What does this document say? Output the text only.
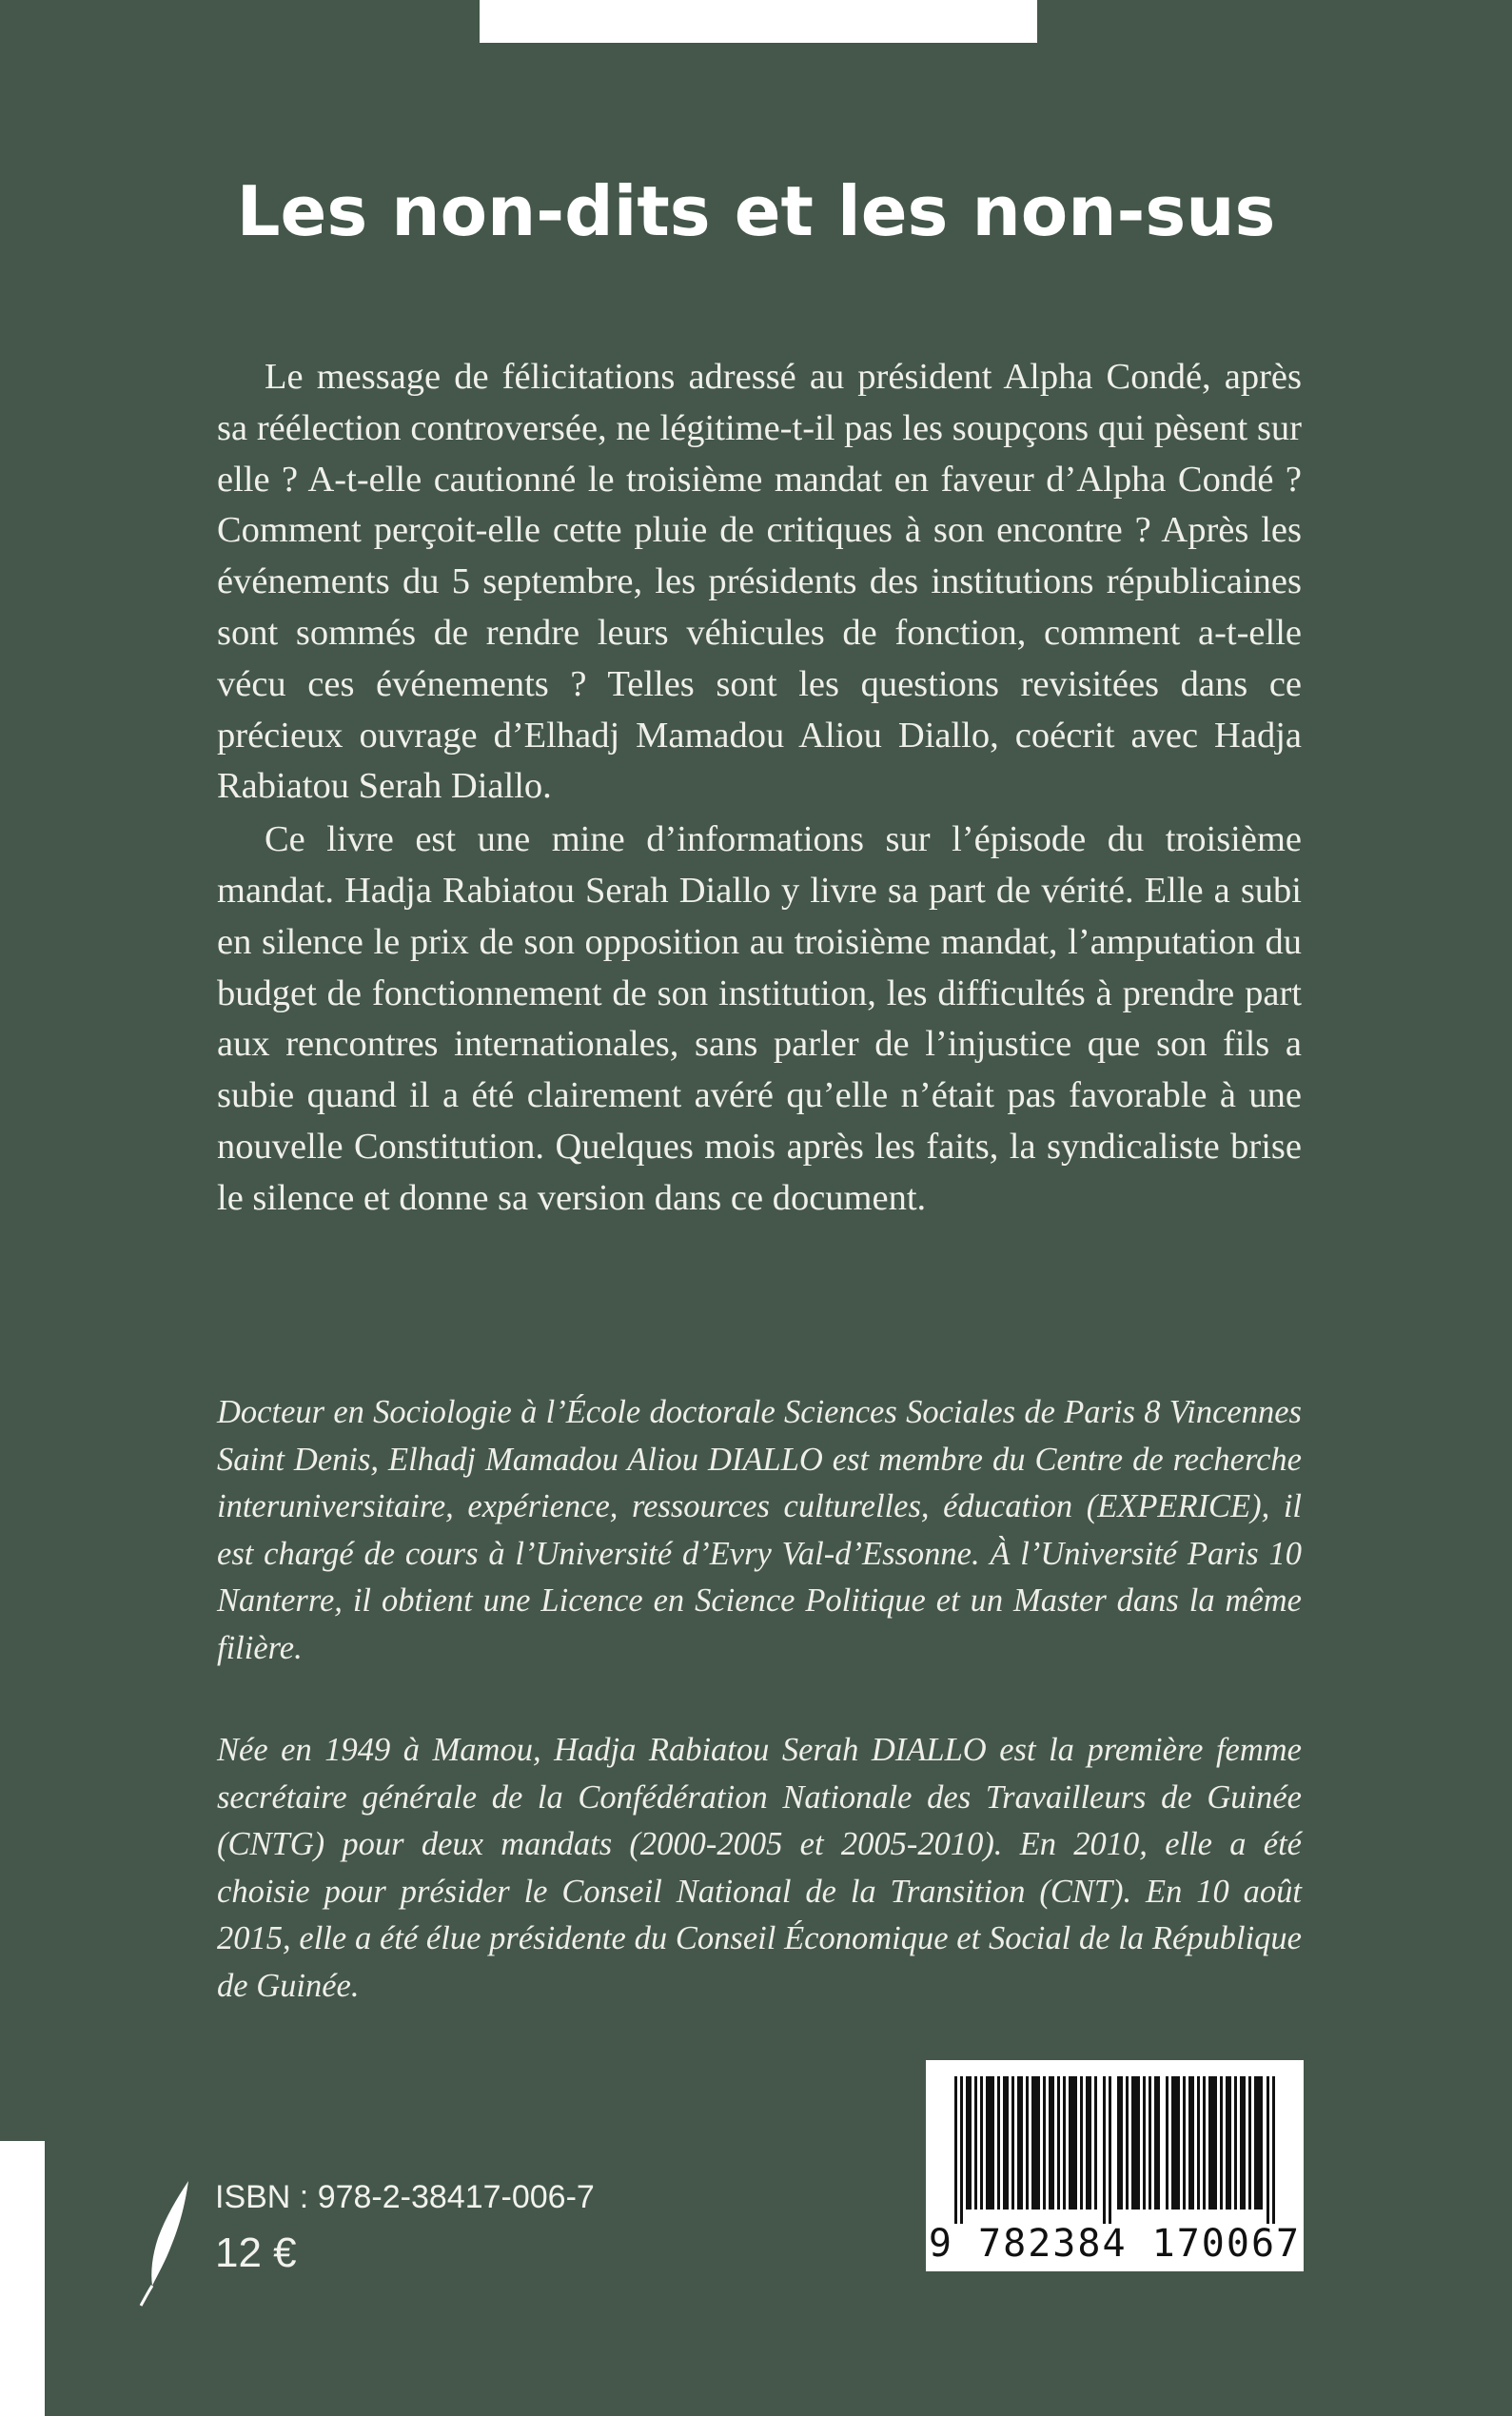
Les non-dits et les non-sus

Le message de félicitations adressé au président Alpha Condé, après sa réélection controversée, ne légitime-t-il pas les soupçons qui pèsent sur elle ? A-t-elle cautionné le troisième mandat en faveur d’Alpha Condé ? Comment perçoit-elle cette pluie de critiques à son encontre ? Après les événements du 5 septembre, les présidents des institutions républicaines sont sommés de rendre leurs véhicules de fonction, comment a-t-elle vécu ces événements ? Telles sont les questions revisitées dans ce précieux ouvrage d’Elhadj Mamadou Aliou Diallo, coécrit avec Hadja Rabiatou Serah Diallo.

Ce livre est une mine d’informations sur l’épisode du troisième mandat. Hadja Rabiatou Serah Diallo y livre sa part de vérité. Elle a subi en silence le prix de son opposition au troisième mandat, l’amputation du budget de fonctionnement de son institution, les difficultés à prendre part aux rencontres internationales, sans parler de l’injustice que son fils a subie quand il a été clairement avéré qu’elle n’était pas favorable à une nouvelle Constitution. Quelques mois après les faits, la syndicaliste brise le silence et donne sa version dans ce document.

Docteur en Sociologie à l’École doctorale Sciences Sociales de Paris 8 Vincennes Saint Denis, Elhadj Mamadou Aliou DIALLO est membre du Centre de recherche interuniversitaire, expérience, ressources culturelles, éducation (EXPERICE), il est chargé de cours à l’Université d’Evry Val-d’Essonne. À l’Université Paris 10 Nanterre, il obtient une Licence en Science Politique et un Master dans la même filière.

Née en 1949 à Mamou, Hadja Rabiatou Serah DIALLO est la première femme secrétaire générale de la Confédération Nationale des Travailleurs de Guinée (CNTG) pour deux mandats (2000-2005 et 2005-2010). En 2010, elle a été choisie pour présider le Conseil National de la Transition (CNT). En 10 août 2015, elle a été élue présidente du Conseil Économique et Social de la République de Guinée.

ISBN : 978-2-38417-006-7
12 €	9 782384 170067
